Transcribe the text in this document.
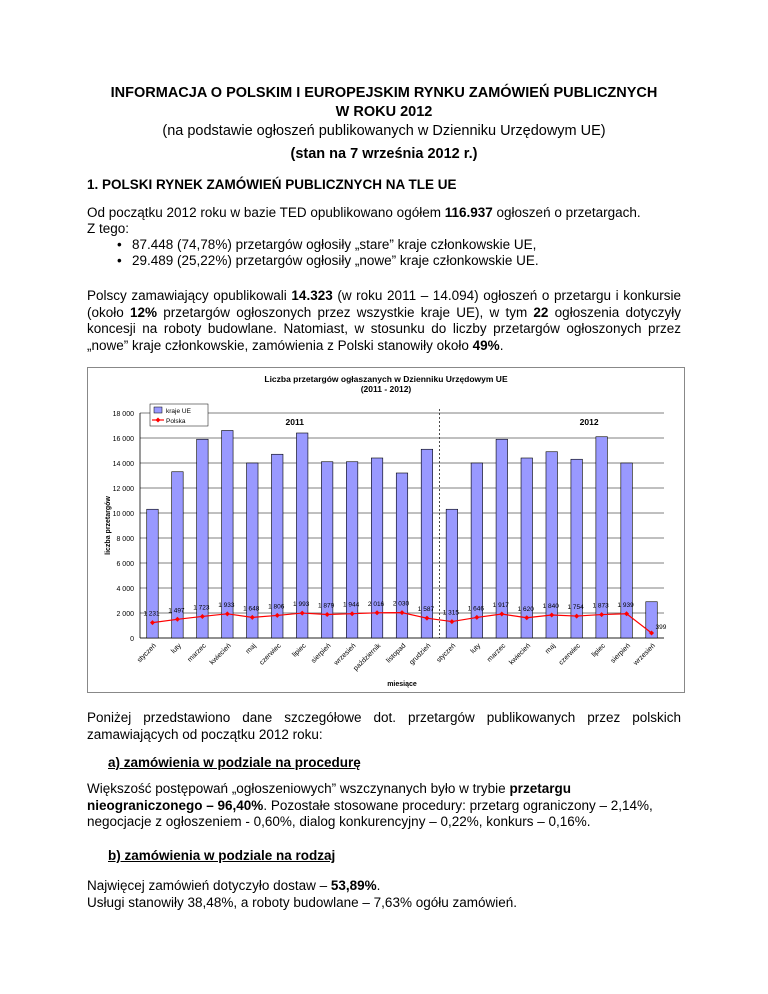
INFORMACJA O POLSKIM I EUROPEJSKIM RYNKU ZAMÓWIEŃ PUBLICZNYCH
W ROKU 2012
(na podstawie ogłoszeń publikowanych w Dzienniku Urzędowym UE)
(stan na 7 września 2012 r.)
1. POLSKI RYNEK ZAMÓWIEŃ PUBLICZNYCH NA TLE UE
Od początku 2012 roku w bazie TED opublikowano ogółem 116.937 ogłoszeń o przetargach.
Z tego:
• 87.448 (74,78%) przetargów ogłosiły „stare” kraje członkowskie UE,
• 29.489 (25,22%) przetargów ogłosiły „nowe” kraje członkowskie UE.
Polscy zamawiający opublikowali 14.323 (w roku 2011 – 14.094) ogłoszeń o przetargu i konkursie (około 12% przetargów ogłoszonych przez wszystkie kraje UE), w tym 22 ogłoszenia dotyczyły koncesji na roboty budowlane. Natomiast, w stosunku do liczby przetargów ogłoszonych przez „nowe” kraje członkowskie, zamówienia z Polski stanowiły około 49%.
Liczba przetargów ogłaszanych w Dzienniku Urzędowym UE
(2011 - 2012)
0
2 000
4 000
6 000
8 000
10 000
12 000
14 000
16 000
18 000
liczba przetargów
2011	2012
1 231 1 497 1 723 1 933
1 648 1 806 1 993 1 879 1 944 2 016 2 030
1 587 1 315
1 646 1 917
1 620 1 840 1 754 1 873 1 939
399
styczeń luty marzec kwiecień maj czerwiec lipiec sierpień wrzesień
październik listopad grudzień styczeń luty marzec kwiecień maj czerwiec lipiec sierpień wrzesień
miesiące
kraje UE
Polska
Poniżej przedstawiono dane szczegółowe dot. przetargów publikowanych przez polskich zamawiających od początku 2012 roku:
a) zamówienia w podziale na procedurę
Większość postępowań „ogłoszeniowych” wszczynanych było w trybie przetargu nieograniczonego – 96,40%. Pozostałe stosowane procedury: przetarg ograniczony – 2,14%, negocjacje z ogłoszeniem - 0,60%, dialog konkurencyjny – 0,22%, konkurs – 0,16%.
b) zamówienia w podziale na rodzaj
Najwięcej zamówień dotyczyło dostaw – 53,89%.
Usługi stanowiły 38,48%, a roboty budowlane – 7,63% ogółu zamówień.
